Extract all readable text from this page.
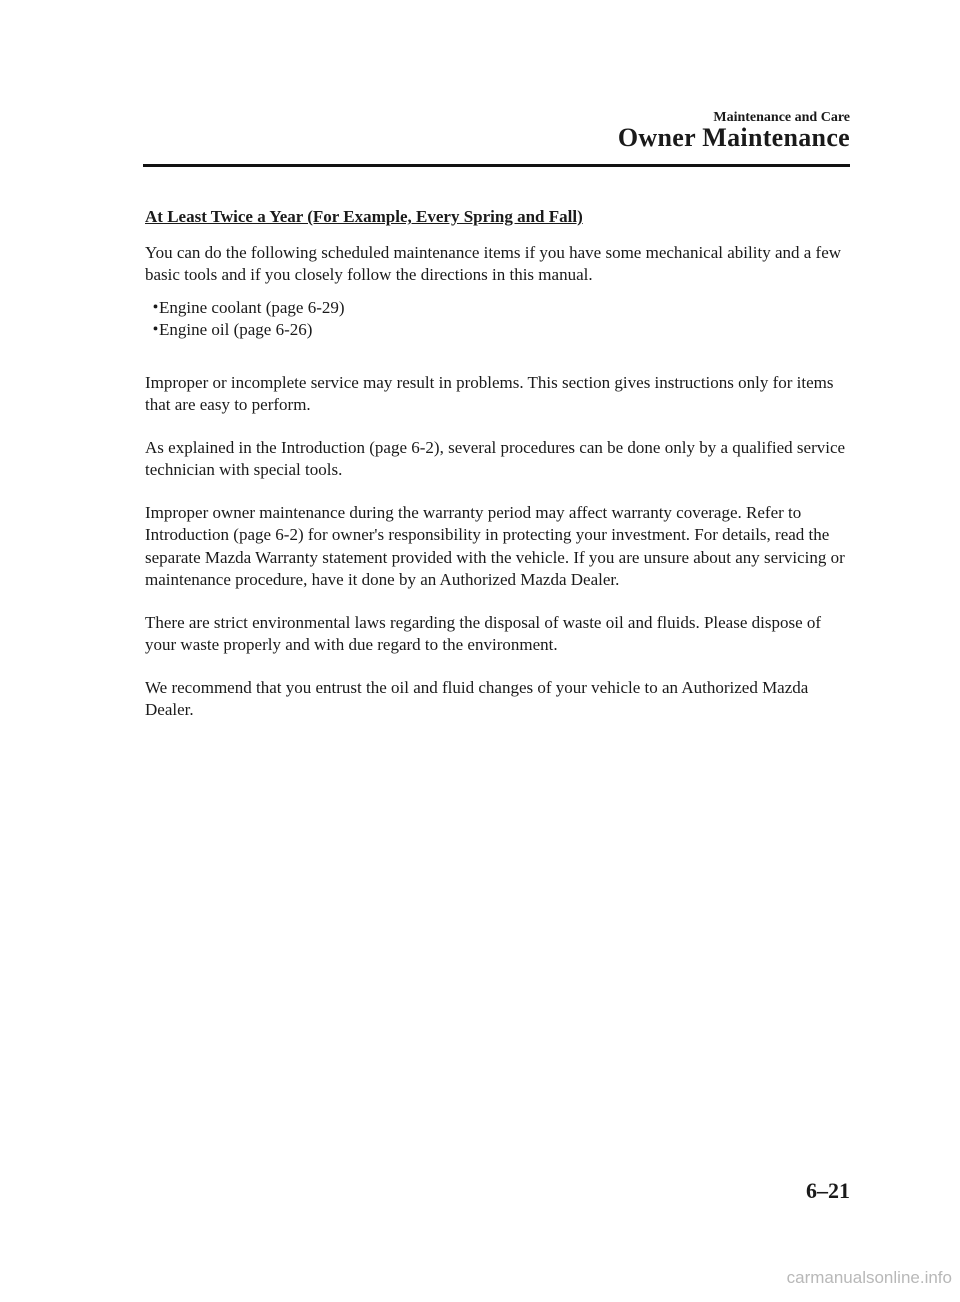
Maintenance and Care

Owner Maintenance
At Least Twice a Year (For Example, Every Spring and Fall)

You can do the following scheduled maintenance items if you have some mechanical ability and a few basic tools and if you closely follow the directions in this manual.

・
Engine coolant (page 6-29)
・
Engine oil (page 6-26)

Improper or incomplete service may result in problems. This section gives instructions only for items that are easy to perform.

As explained in the Introduction (page 6-2), several procedures can be done only by a qualified service technician with special tools.

Improper owner maintenance during the warranty period may affect warranty coverage. Refer to Introduction (page 6-2) for owner's responsibility in protecting your investment. For details, read the separate Mazda Warranty statement provided with the vehicle. If you are unsure about any servicing or maintenance procedure, have it done by an Authorized Mazda Dealer.

There are strict environmental laws regarding the disposal of waste oil and fluids. Please dispose of your waste properly and with due regard to the environment.

We recommend that you entrust the oil and fluid changes of your vehicle to an Authorized Mazda Dealer.

6–21

carmanualsonline.info
